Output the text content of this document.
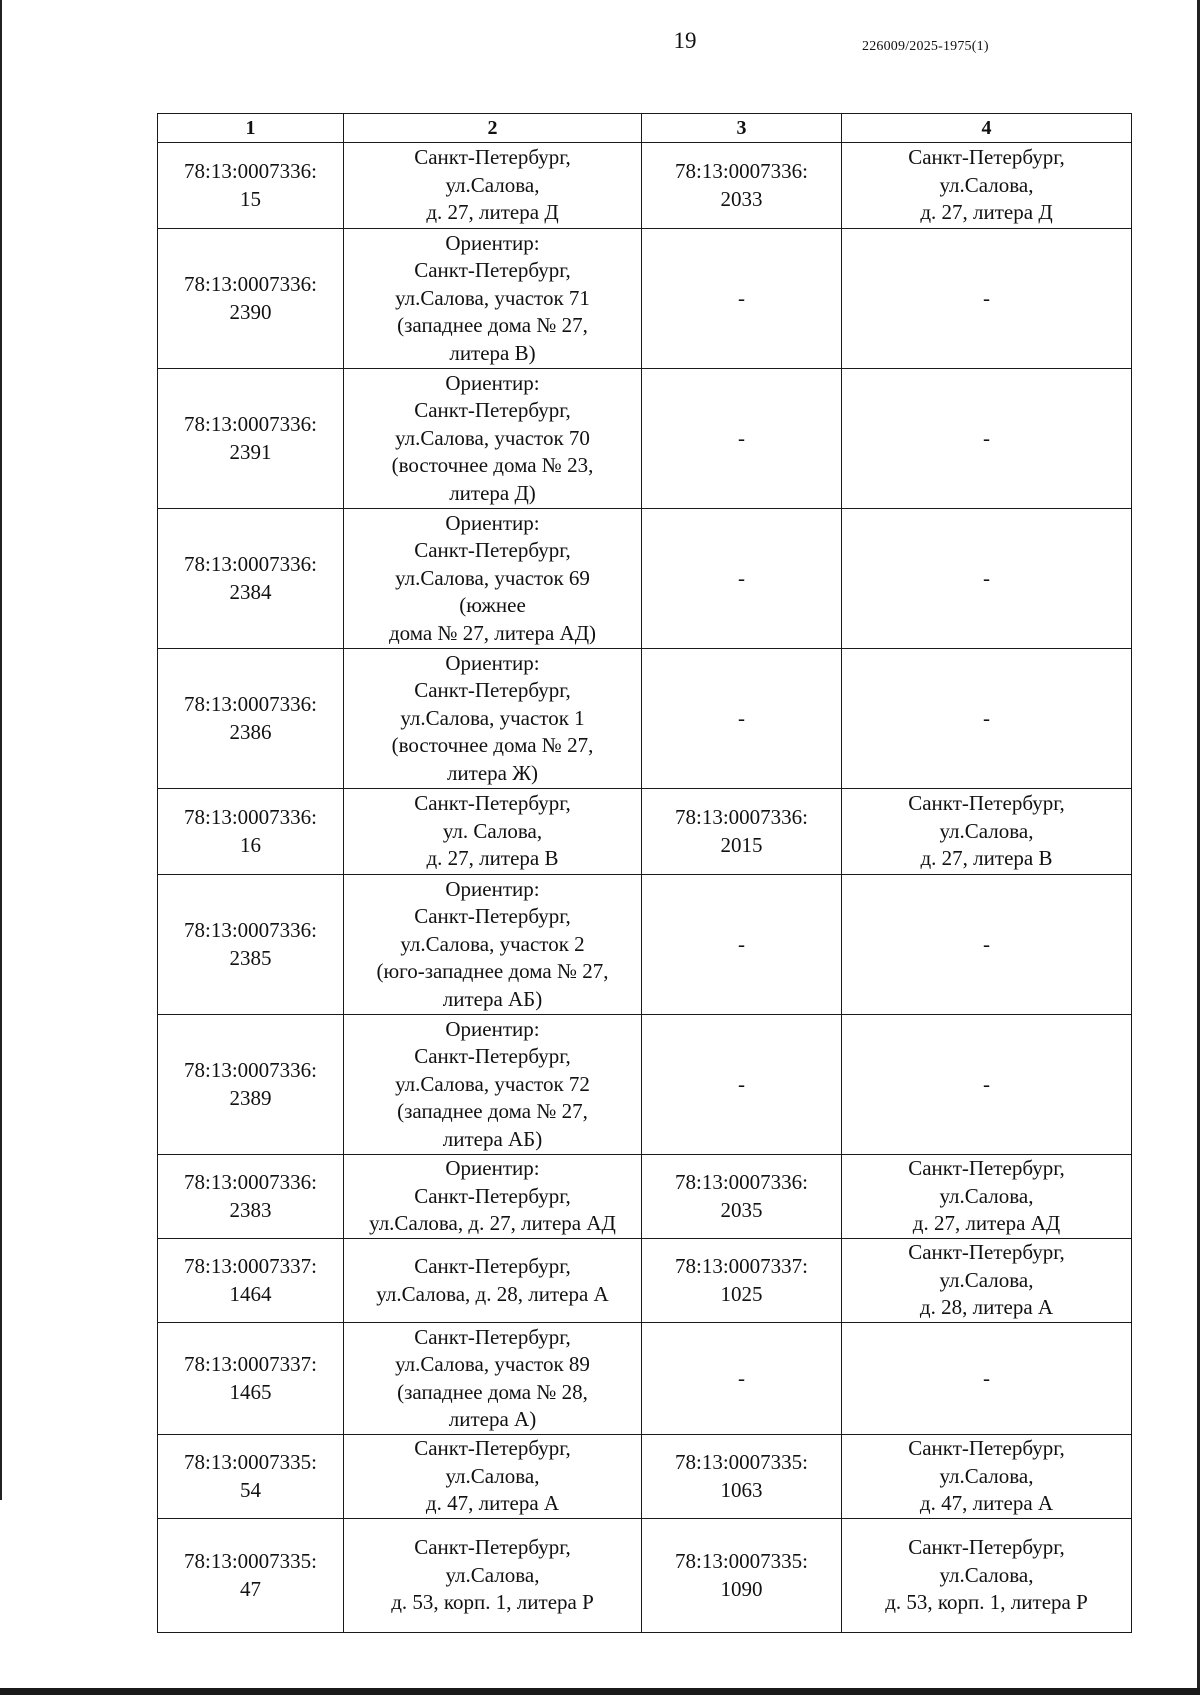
19	226009/2025-1975(1)
1	2	3	4

78:13:0007336:
15	Санкт-Петербург,
ул.Салова,
д. 27, литера Д	78:13:0007336:
2033	Санкт-Петербург,
ул.Салова,
д. 27, литера Д

78:13:0007336:
2390	Ориентир:
Санкт-Петербург,
ул.Салова, участок 71
(западнее дома № 27,
литера В)	-	-

78:13:0007336:
2391	Ориентир:
Санкт-Петербург,
ул.Салова, участок 70
(восточнее дома № 23,
литера Д)	-	-

78:13:0007336:
2384	Ориентир:
Санкт-Петербург,
ул.Салова, участок 69
(южнее
дома № 27, литера АД)	-	-

78:13:0007336:
2386	Ориентир:
Санкт-Петербург,
ул.Салова, участок 1
(восточнее дома № 27,
литера Ж)	-	-

78:13:0007336:
16	Санкт-Петербург,
ул. Салова,
д. 27, литера В	78:13:0007336:
2015	Санкт-Петербург,
ул.Салова,
д. 27, литера В

78:13:0007336:
2385	Ориентир:
Санкт-Петербург,
ул.Салова, участок 2
(юго-западнее дома № 27,
литера АБ)	-	-

78:13:0007336:
2389	Ориентир:
Санкт-Петербург,
ул.Салова, участок 72
(западнее дома № 27,
литера АБ)	-	-

78:13:0007336:
2383	Ориентир:
Санкт-Петербург,
ул.Салова, д. 27, литера АД	78:13:0007336:
2035	Санкт-Петербург,
ул.Салова,
д. 27, литера АД

78:13:0007337:
1464	Санкт-Петербург,
ул.Салова, д. 28, литера А	78:13:0007337:
1025	Санкт-Петербург,
ул.Салова,
д. 28, литера А

78:13:0007337:
1465	Санкт-Петербург,
ул.Салова, участок 89
(западнее дома № 28,
литера А)	-	-

78:13:0007335:
54	Санкт-Петербург,
ул.Салова,
д. 47, литера А	78:13:0007335:
1063	Санкт-Петербург,
ул.Салова,
д. 47, литера А

78:13:0007335:
47	Санкт-Петербург,
ул.Салова,
д. 53, корп. 1, литера Р	78:13:0007335:
1090	Санкт-Петербург,
ул.Салова,
д. 53, корп. 1, литера Р
